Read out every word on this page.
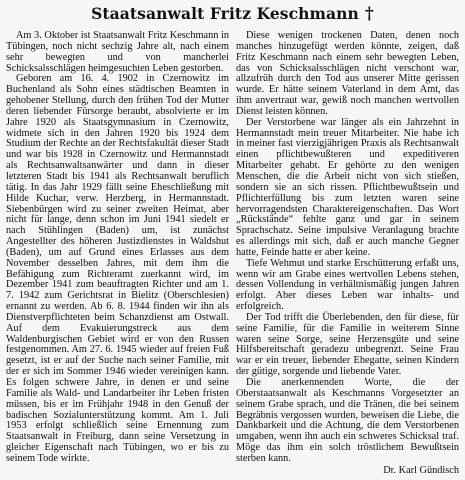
Staatsanwalt Fritz Keschmann †

Am 3. Oktober ist Staatsanwalt Fritz Keschmann in Tübingen, noch nicht sechzig Jahre alt, nach einem sehr bewegten und von mancherlei Schicksalsschlägen heimgesuchten Leben gestorben.

Geboren am 16. 4. 1902 in Czernowitz im Buchenland als Sohn eines städtischen Beamten in gehobener Stellung, durch den frühen Tod der Mutter deren liebender Fürsorge beraubt, absolvierte er im Jahre 1920 als Staatsgymnasium in Czernowitz, widmete sich in den Jahren 1920 bis 1924 dem Studium der Rechte an der Rechtsfakultät dieser Stadt und war bis 1928 in Czernowitz und Hermannstadt als Rechtsanwaltsanwärter und dann in dieser letzteren Stadt bis 1941 als Rechtsanwalt beruflich tätig. In das Jahr 1929 fällt seine Eheschließung mit Hilde Kuchar, verw. Herzberg, in Hermannstadt. Siebenbürgen wird zu seiner zweiten Heimat, aber nicht für lange, denn schon im Juni 1941 siedelt er nach Stühlingen (Baden) um, ist zunächst Angestellter des höheren Justizdienstes in Waldshut (Baden), um auf Grund eines Erlasses aus dem November desselben Jahres, mit dem ihm die Befähigung zum Richteramt zuerkannt wird, im Dezember 1941 zum beauftragten Richter und am 1. 7. 1942 zum Gerichtsrat in Bielitz (Oberschlesien) ernannt zu werden. Ab 6. 8. 1944 finden wir ihn als Dienstverpflichteten beim Schanzdienst am Ostwall. Auf dem Evakuierungstreck aus dem Waldenburgischen Gebiet wird er von den Russen festgenommen. Am 27. 6. 1945 wieder auf freien Fuß gesetzt, ist er auf der Suche nach seiner Familie, mit der er sich im Sommer 1946 wieder vereinigen kann. Es folgen schwere Jahre, in denen er und seine Familie als Wald- und Landarbeiter ihr Leben fristen müssen, bis er im Frühjahr 1948 in den Genuß der badischen Sozialunterstützung kommt. Am 1. Juli 1953 erfolgt schließlich seine Ernennung zum Staatsanwalt in Freiburg, dann seine Versetzung in gleicher Eigenschaft nach Tübingen, wo er bis zu seinem Tode wirkte.

Diese wenigen trockenen Daten, denen noch manches hinzugefügt werden könnte, zeigen, daß Fritz Keschmann nach einem sehr bewegten Leben, das von Schicksalsschlägen nicht verschont war, allzufrüh durch den Tod aus unserer Mitte gerissen wurde. Er hätte seinem Vaterland in dem Amt, das ihm anvertraut war, gewiß noch manchen wertvollen Dienst leisten können.

Der Verstorbene war länger als ein Jahrzehnt in Hermannstadt mein treuer Mitarbeiter. Nie habe ich in meiner fast vierzigjährigen Praxis als Rechtsanwalt einen pflichtbewußteren und expeditiveren Mitarbeiter gehabt. Er gehörte zu den wenigen Menschen, die die Arbeit nicht von sich stießen, sondern sie an sich rissen. Pflichtbewußtsein und Pflichterfüllung bis zum letzten waren seine hervorragendsten Charaktereigenschaften. Das Wort „Rückstände“ fehlte ganz und gar in seinem Sprachschatz. Seine impulsive Veranlagung brachte es allerdings mit sich, daß er auch manche Gegner hatte, Feinde hatte er aber keine.

Tiefe Wehmut und starke Erschütterung erfaßt uns, wenn wir am Grabe eines wertvollen Lebens stehen, dessen Vollendung in verhältnismäßig jungen Jahren erfolgt. Aber dieses Leben war inhalts- und erfolgreich.

Der Tod trifft die Überlebenden, den für diese, für seine Familie, für die Familie in weiterem Sinne waren seine Sorge, seine Herzensgüte und seine Hilfsbereitschaft geradezu unbegrenzt. Seine Frau war er ein treuer, liebender Ehegatte, seinen Kindern der gütige, sorgende und liebende Vater.

Die anerkennenden Worte, die der Oberstaatsanwalt als Keschmanns Vorgesetzter an seinem Grabe sprach, und die Tränen, die bei seinem Begräbnis vergossen wurden, beweisen die Liebe, die Dankbarkeit und die Achtung, die dem Verstorbenen umgaben, wenn ihn auch ein schweres Schicksal traf. Möge das ihm ein solch tröstlichem Bewußtsein sterben kann.

Dr. Karl Gündisch
